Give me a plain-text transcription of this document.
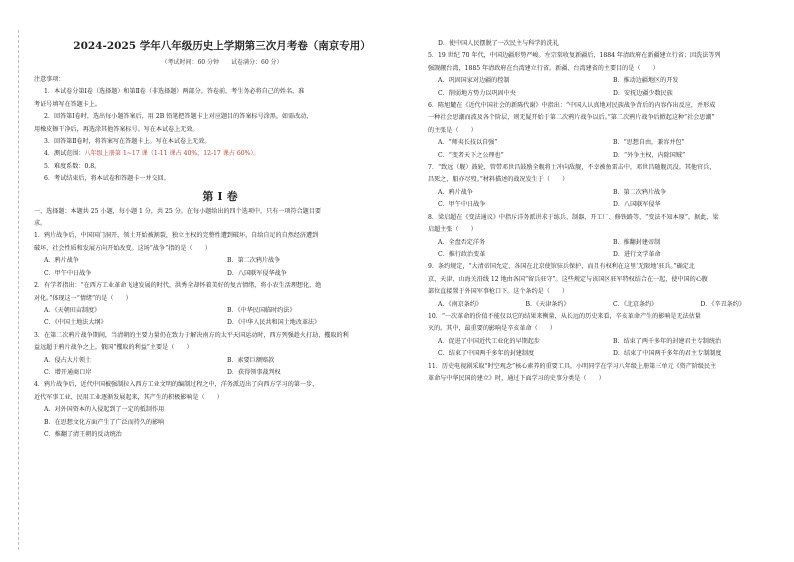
2024-2025 学年八年级历史上学期第三次月考卷（南京专用）
（考试时间：60 分钟　　试卷满分：60 分）
注意事项：
1．本试卷分第Ⅰ卷（选择题）和第Ⅱ卷（非选择题）两部分。答卷前，考生务必将自己的姓名、准
考证号填写在答题卡上。
2．回答第Ⅰ卷时，选出每小题答案后，用 2B 铅笔把答题卡上对应题目的答案标号涂黑。如需改动，
用橡皮擦干净后，再选涂其他答案标号。写在本试卷上无效。
3．回答第Ⅱ卷时，将答案写在答题卡上。写在本试卷上无效。
4．测试范围：八年级上册第 1~17 课（1-11 课占 40%，12-17 课占 60%）。
5．难度系数：0.8。
6．考试结束后，将本试卷和答题卡一并交回。
第Ⅰ卷
一、选择题：本题共 25 小题，每小题 1 分，共 25 分。在每小题给出的四个选项中，只有一项符合题目要
求。
1．鸦片战争后，中国国门洞开，领土开始被割裂，独立主权的完整性遭到破坏，自给自足的自然经济遭到
破坏，社会性质和发展方向开始改变。这场“战争”指的是（　　）
A．鸦片战争	B．第二次鸦片战争
C．甲午中日战争	D．八国联军侵华战争
2．有学者指出：“在西方工业革命飞速发展的时代，洪秀全却怀着美好的复古情绪，将小农生活理想化、绝
对化。”体现这一“情绪”的是（　　）
A．《天朝田亩制度》	B．《中华民国临时约法》
C．《中国土地法大纲》	D．《中华人民共和国土地改革法》
3．在第二次鸦片战争期间，当清朝的主要力量仍在致力于解决南方的太平天国运动时，西方列强趁火打劫，攫取的利
益远超于鸦片战争之上。俄国“攫取的利益”主要是（　　）
A．侵占大片领土	B．索要巨额赔款
C．增开通商口岸	D．获得领事裁判权
4．鸦片战争后，近代中国被强制拉入西方工业文明的编制过程之中，洋务派迈出了向西方学习的第一步，
近代军事工业、民用工业逐渐发展起来，其产生的积极影响是（　　）
A．对外国资本的入侵起到了一定的抵制作用
B．在思想文化方面产生了广泛而持久的影响
C．推翻了清王朝的反动统治
D．使中国人民摆脱了一次民主与科学的洗礼
5．19 世纪 70 年代，中国边疆形势严峻。左宗棠收复新疆后，1884 年清政府在新疆建立行省；因洗法等列
强觊觎台湾，1885 年清政府在台湾建立行省。新疆、台湾建省的主要目的是（　　）
A．巩固国家对边疆的控制	B．推动边疆地区的开发
C．削弱地方势力以巩固中央	D．安抚边疆少数民族
6．陈旭麓在《近代中国社会的新陈代谢》中指出：“中国人认真地对民族战争背后的内容作出反应，并形成
一种社会思潮而波及各个阶层，则无疑开始于第二次鸦片战争以后。”第二次鸦片战争后掀起这种“社会思潮”
的主张是（　　）
A．“师夷长技以自强”	B．“思想自由，兼容并包”
C．“变者天下之公理也”	D．“外争主权，内除国贼”
7．“致远（舰）鼓轮，管带邓世昌鼓励全舰将士冲向敌舰，不幸被鱼雷击中，邓世昌随舰沉没。其他官兵，
昌死之，船亦尽殁。”材料描述的战况发生于（　　）
A．鸦片战争	B．第二次鸦片战争
C．甲午中日战争	D．八国联军侵华
8．梁启超在《变法通议》中指斥洋务派讲求于练兵、制器、开工厂、修铁路等，“变法不知本原”。据此，梁
启超主张（　　）
A．全盘否定洋务	B．推翻封建帝制
C．推行政治变革	D．进行文学革命
9．条约规定，“大清帝国允定，各国在北京使馆驻兵保护，而且有权利在这里‘无限地’驻兵。”确定北
京、天津、山海关沿线 12 地由各国“留兵驻守”。这些规定与该国区驻军特权结合在一起，使中国的心腹
部位直接置于外国军事枪口下。这个条约是（　　）
A．《南京条约》	B．《天津条约》	C．《北京条约》	D．《辛丑条约》
10．“一次革命的价值不能仅以它的结果来衡量，从长远的历史来看，辛亥革命产生的影响是无法估量
灭的。其中，最重要的影响是辛亥革命（　　）
A．促进了中国近代工业化的早期起步	B．结束了两千多年的封建君主专制统治
C．结束了中国两千多年的封建制度	D．结束了中国两千多年的君主专制制度
11．历史电视剧采取“时空观念”核心素养的重要工具，小明同学在学习八年级上册第三单元《资产阶级民主
革命与中华民国的建立》时，通过下面学习的史事分类是（　　）
